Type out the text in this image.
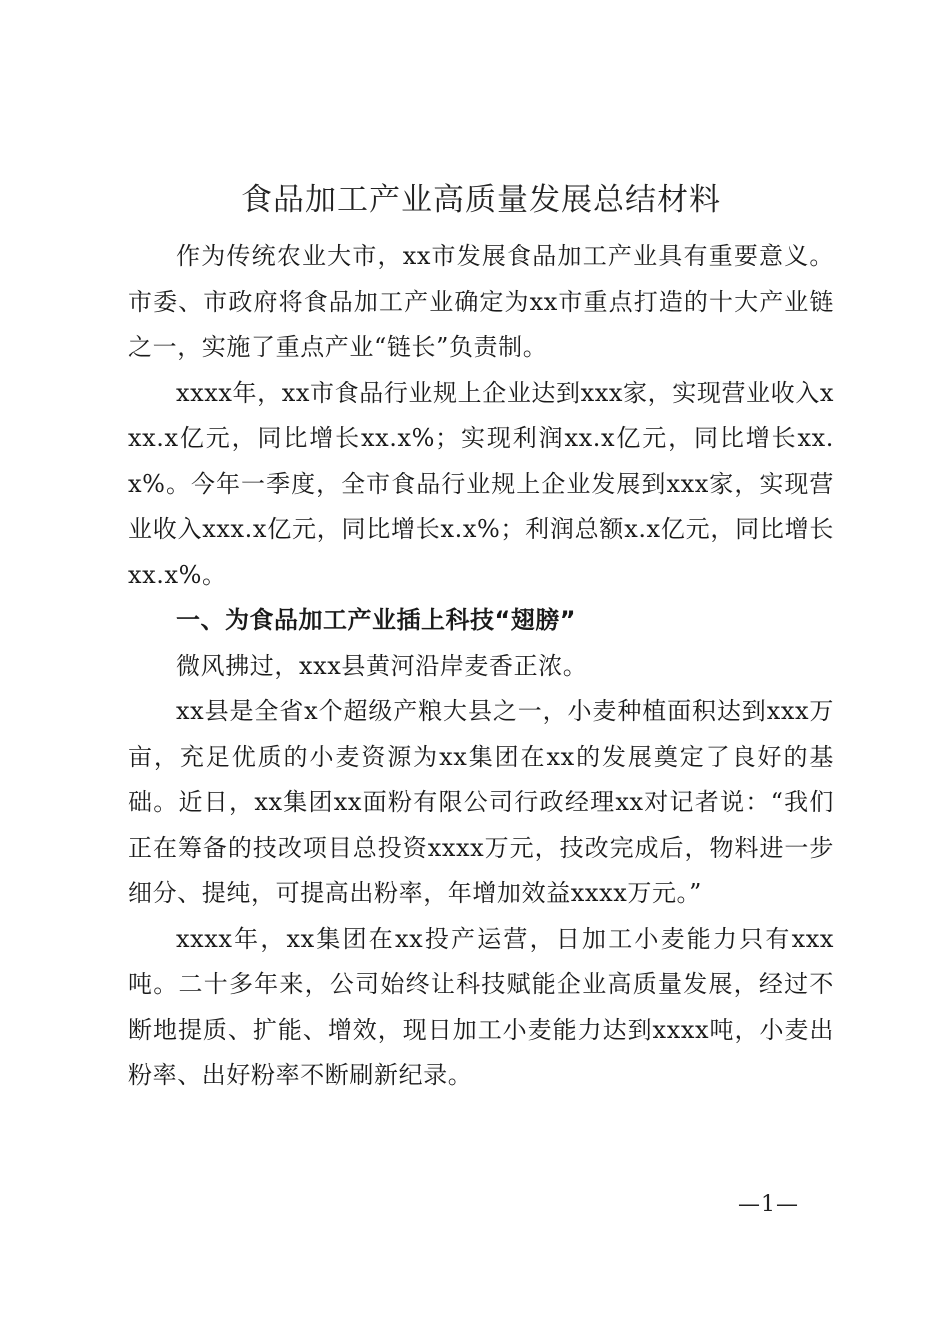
食品加工产业高质量发展总结材料

作为传统农业大市，xx市发展食品加工产业具有重要意义。市委、市政府将食品加工产业确定为xx市重点打造的十大产业链之一，实施了重点产业“链长”负责制。

xxxx年，xx市食品行业规上企业达到xxx家，实现营业收入xxx.x亿元，同比增长xx.x%；实现利润xx.x亿元，同比增长xx.x%。今年一季度，全市食品行业规上企业发展到xxx家，实现营业收入xxx.x亿元，同比增长x.x%；利润总额x.x亿元，同比增长xx.x%。

一、为食品加工产业插上科技“翅膀”

微风拂过，xxx县黄河沿岸麦香正浓。

xx县是全省x个超级产粮大县之一，小麦种植面积达到xxx万亩，充足优质的小麦资源为xx集团在xx的发展奠定了良好的基础。近日，xx集团xx面粉有限公司行政经理xx对记者说：“我们正在筹备的技改项目总投资xxxx万元，技改完成后，物料进一步细分、提纯，可提高出粉率，年增加效益xxxx万元。”

xxxx年，xx集团在xx投产运营，日加工小麦能力只有xxx吨。二十多年来，公司始终让科技赋能企业高质量发展，经过不断地提质、扩能、增效，现日加工小麦能力达到xxxx吨，小麦出粉率、出好粉率不断刷新纪录。

—1—
